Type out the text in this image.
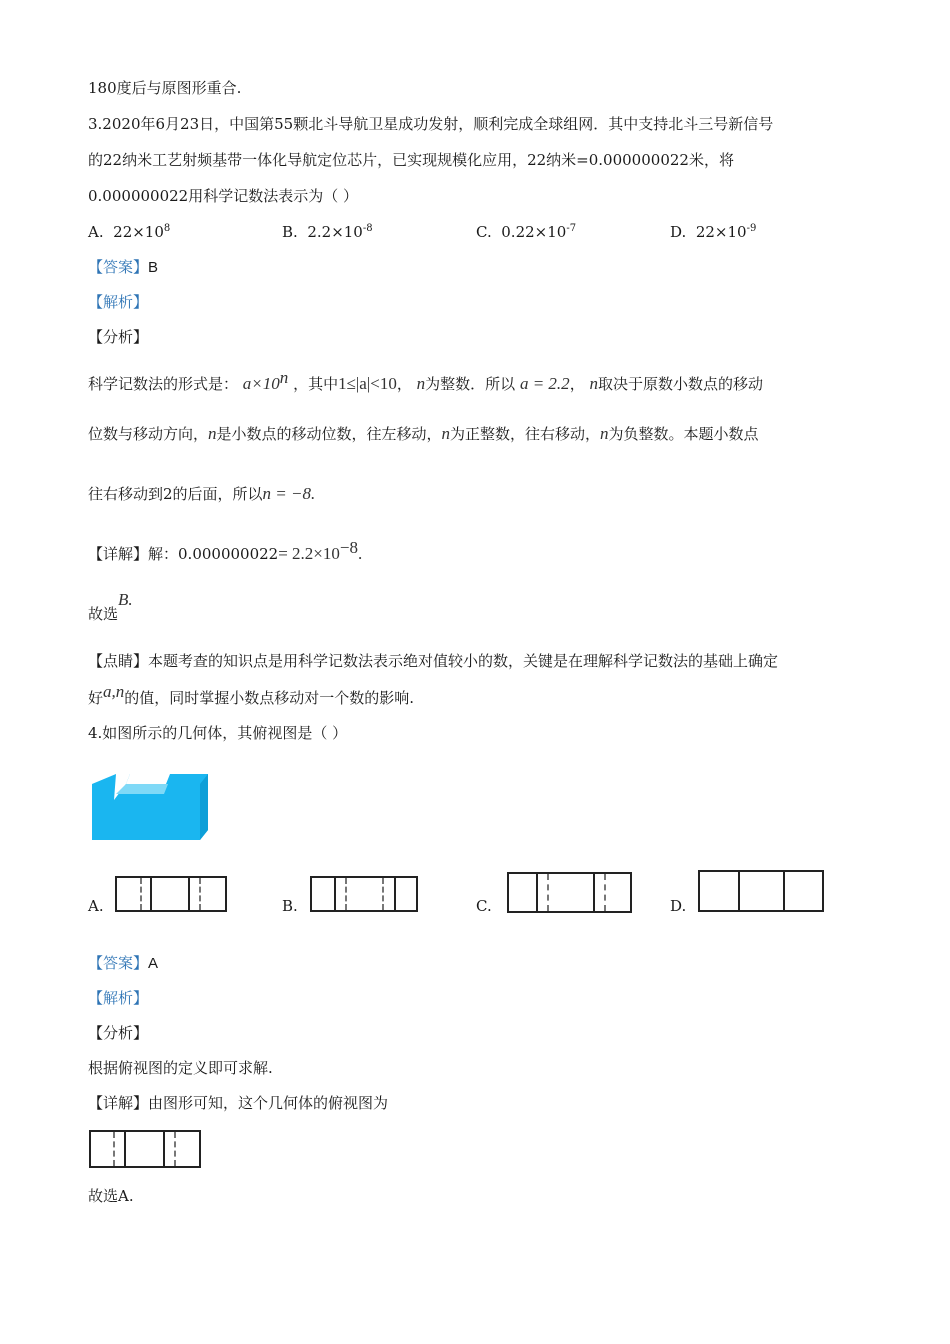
180度后与原图形重合.
3.2020年6月23日，中国第55颗北斗导航卫星成功发射，顺利完成全球组网．其中支持北斗三号新信号
的22纳米工艺射频基带一体化导航定位芯片，已实现规模化应用，22纳米=0.000000022米，将
0.000000022用科学记数法表示为（ ）
A. $22\times 10^8$	B. $2.2\times 10^{-8}$	C. $0.22\times 10^{-7}$	D. $22\times 10^{-9}$
【答案】B
【解析】
【分析】
科学记数法的形式是： $a\times 10^n$ ，其中1≤|a|<10， n为整数．所以 a = 2.2， n取决于原数小数点的移动
位数与移动方向，n是小数点的移动位数，往左移动，n为正整数，往右移动，n为负整数。本题小数点
往右移动到2的后面，所以n = −8.
【详解】解：$0.000000022= 2.2\times 10^{-8}$.
故选B.
【点睛】本题考查的知识点是用科学记数法表示绝对值较小的数，关键是在理解科学记数法的基础上确定
好a,n的值，同时掌握小数点移动对一个数的影响.
4.如图所示的几何体，其俯视图是（ ）
A.	B.	C.	D.
【答案】A
【解析】
【分析】
根据俯视图的定义即可求解.
【详解】由图形可知，这个几何体的俯视图为
故选A.
